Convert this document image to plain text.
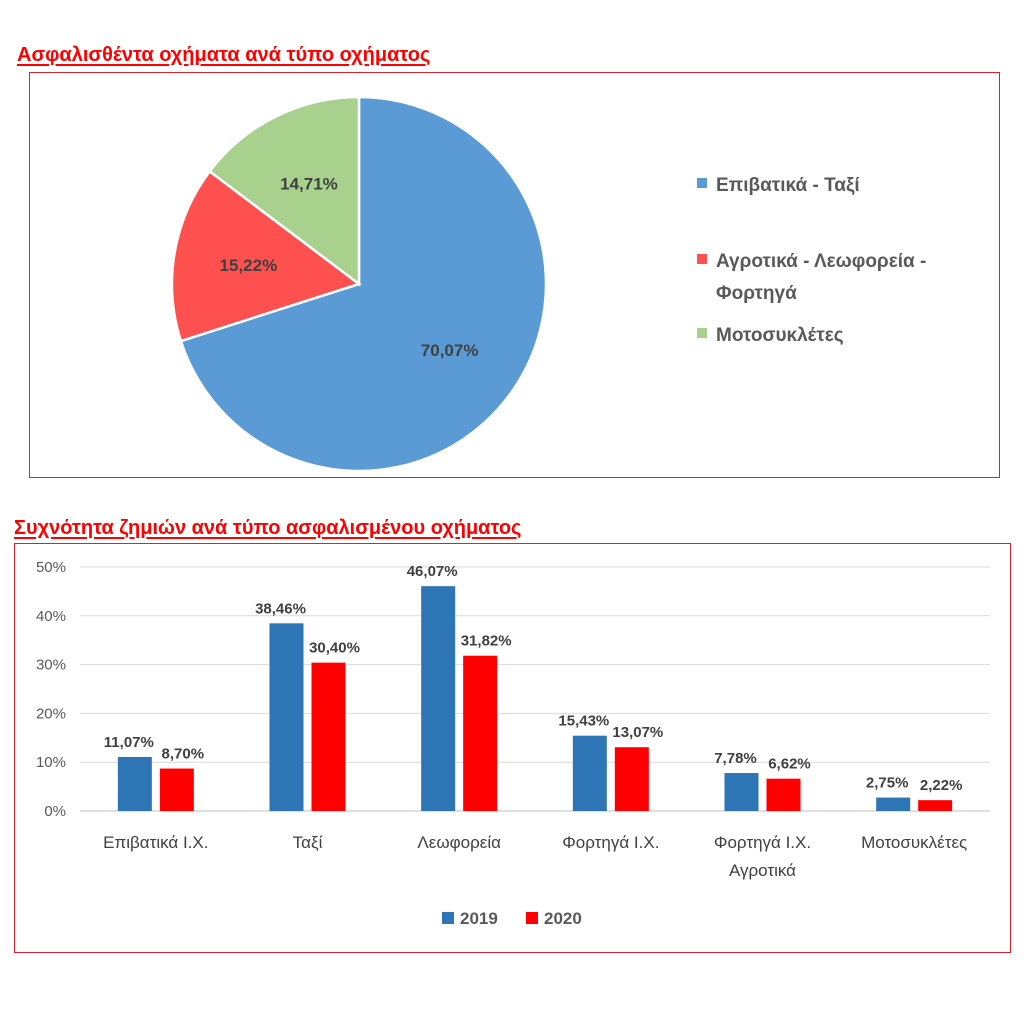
Ασφαλισθέντα οχήματα ανά τύπο οχήματος
Συχνότητα ζημιών ανά τύπο ασφαλισμένου οχήματος
70,07%
15,22%
14,71%	Επιβατικά - Ταξί
Αγροτικά - Λεωφορεία -
Φορτηγά
Μοτοσυκλέτες
0%
10%
20%
30%
40%
50%
11,07%
8,70%
Επιβατικά Ι.Χ.
38,46%
30,40%
Ταξί
46,07%
31,82%
Λεωφορεία
15,43%
13,07%
Φορτηγά Ι.Χ.
7,78% 6,62%
Φορτηγά Ι.Χ.
Αγροτικά
2,75% 2,22%
Μοτοσυκλέτες
2019	2020
